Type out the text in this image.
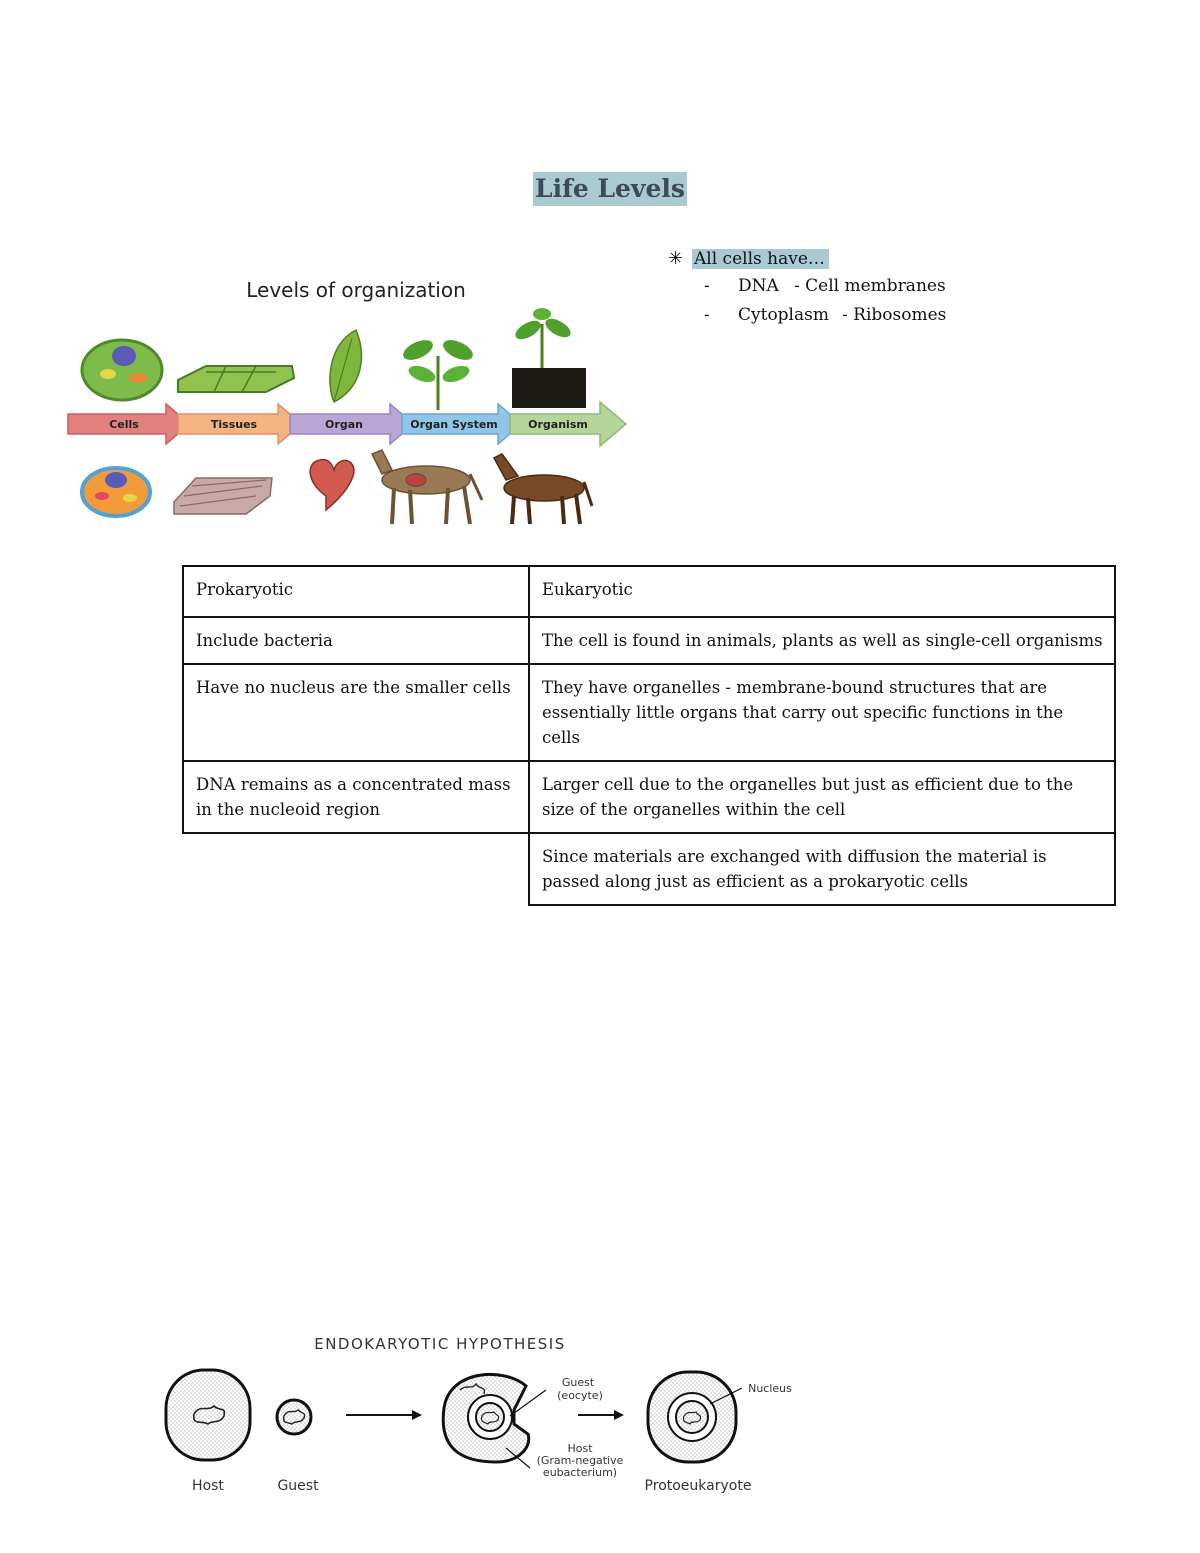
Life Levels
Levels of organization
Cells	Tissues	Organ	Organ System	Organism
✳ All cells have…
- DNA - Cell membranes
- Cytoplasm - Ribosomes
Prokaryotic	Eukaryotic
Include bacteria	The cell is found in animals, plants as well as single-cell organisms
Have no nucleus are the smaller cells	They have organelles - membrane-bound structures that are essentially little organs that carry out specific functions in the cells
DNA remains as a concentrated mass in the nucleoid region	Larger cell due to the organelles but just as efficient due to the size of the organelles within the cell
	Since materials are exchanged with diffusion the material is passed along just as efficient as a prokaryotic cells
ENDOKARYOTIC HYPOTHESIS
Host	Guest
Guest
(eocyte)
Host
(Gram-negative
eubacterium)
Nucleus
Protoeukaryote
